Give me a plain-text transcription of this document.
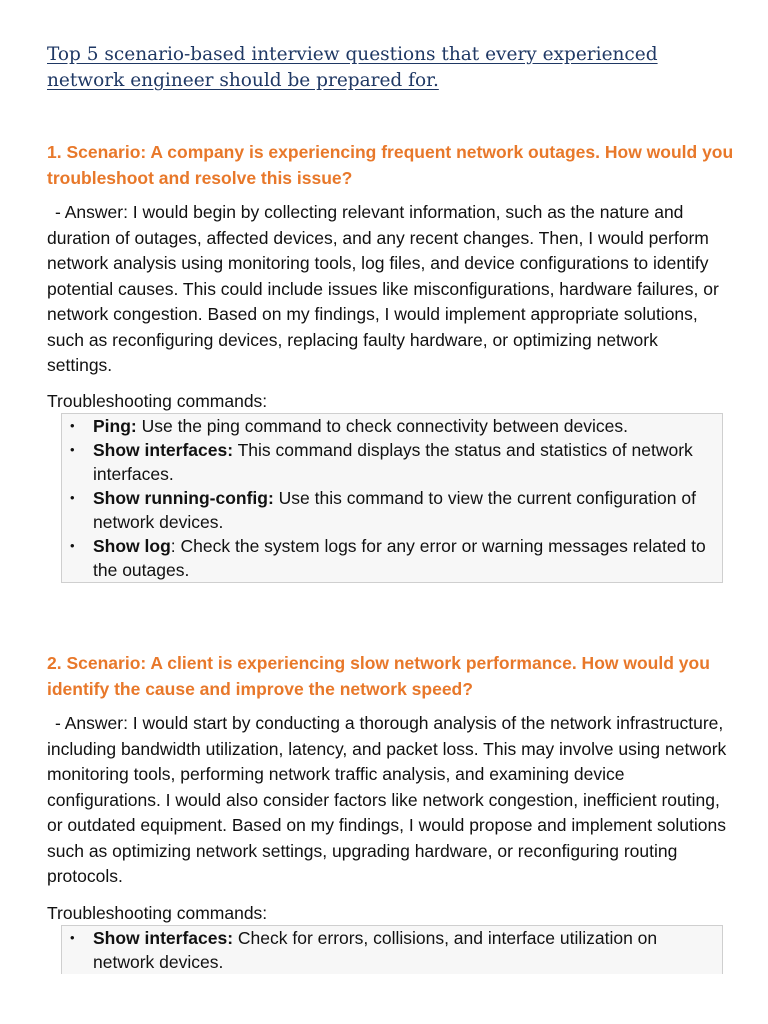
Top 5 scenario-based interview questions that every experienced network engineer should be prepared for.
1. Scenario: A company is experiencing frequent network outages. How would you troubleshoot and resolve this issue?
- Answer: I would begin by collecting relevant information, such as the nature and duration of outages, affected devices, and any recent changes. Then, I would perform network analysis using monitoring tools, log files, and device configurations to identify potential causes. This could include issues like misconfigurations, hardware failures, or network congestion. Based on my findings, I would implement appropriate solutions, such as reconfiguring devices, replacing faulty hardware, or optimizing network settings.
Troubleshooting commands:
• Ping: Use the ping command to check connectivity between devices.
• Show interfaces: This command displays the status and statistics of network interfaces.
• Show running-config: Use this command to view the current configuration of network devices.
• Show log: Check the system logs for any error or warning messages related to the outages.
2. Scenario: A client is experiencing slow network performance. How would you identify the cause and improve the network speed?
- Answer: I would start by conducting a thorough analysis of the network infrastructure, including bandwidth utilization, latency, and packet loss. This may involve using network monitoring tools, performing network traffic analysis, and examining device configurations. I would also consider factors like network congestion, inefficient routing, or outdated equipment. Based on my findings, I would propose and implement solutions such as optimizing network settings, upgrading hardware, or reconfiguring routing protocols.
Troubleshooting commands:
• Show interfaces: Check for errors, collisions, and interface utilization on network devices.
